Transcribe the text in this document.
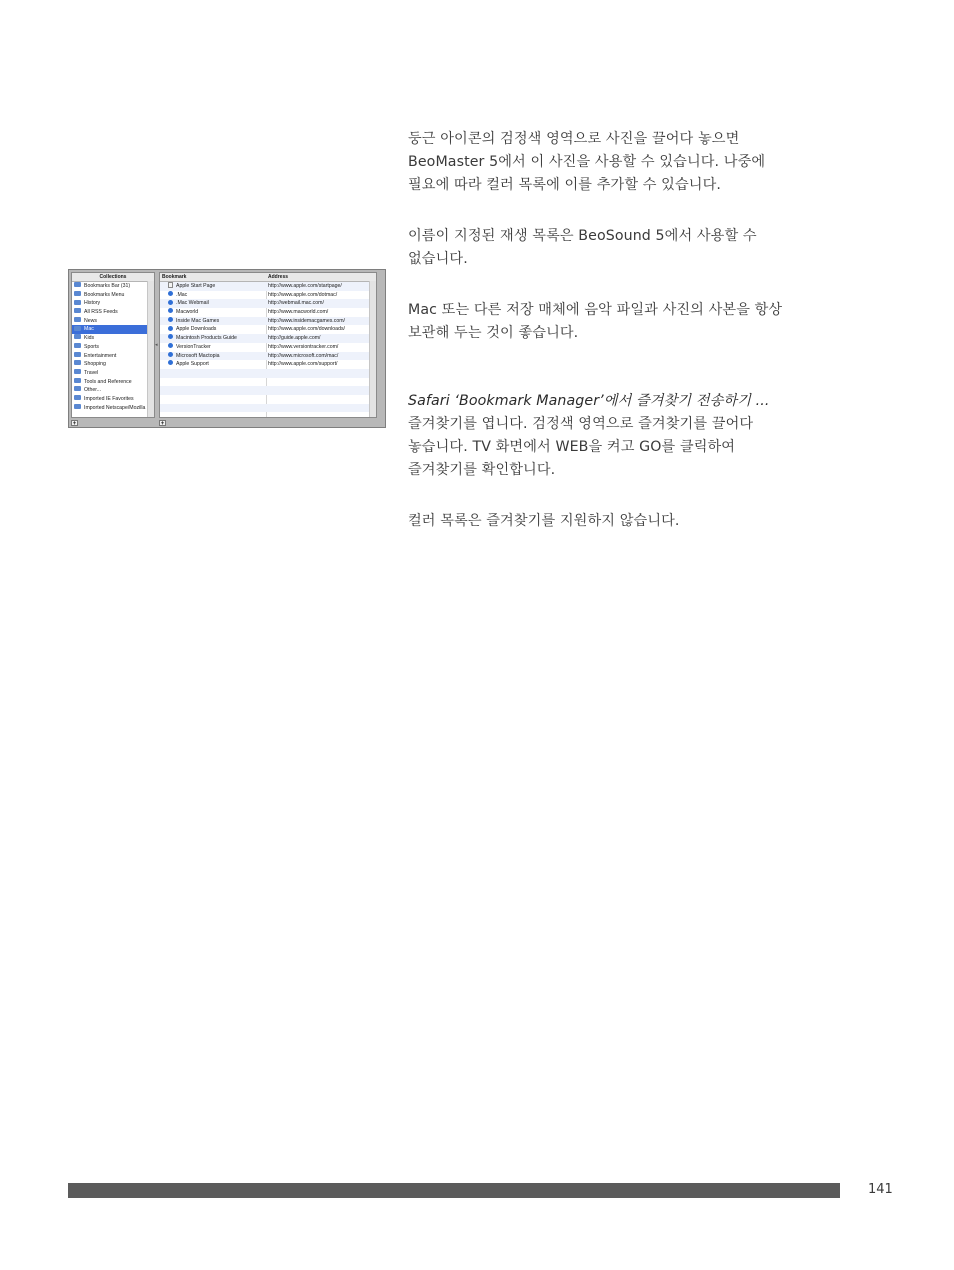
Collections
Bookmarks Bar (31)
Bookmarks Menu
History
All RSS Feeds
News
Mac
Kids
Sports
Entertainment
Shopping
Travel
Tools and Reference
Other...
Imported IE Favorites
Imported Netscape/Mozilla
◂
Bookmark	Address
Apple Start Page	http://www.apple.com/startpage/
.Mac	http://www.apple.com/dotmac/
.Mac Webmail	http://webmail.mac.com/
Macworld	http://www.macworld.com/
Inside Mac Games	http://www.insidemacgames.com/
Apple Downloads	http://www.apple.com/downloads/
Macintosh Products Guide	http://guide.apple.com/
VersionTracker	http://www.versiontracker.com/
Microsoft Mactopia	http://www.microsoft.com/mac/
Apple Support	http://www.apple.com/support/
+	+

둥근 아이콘의 검정색 영역으로 사진을 끌어다 놓으면
BeoMaster 5에서 이 사진을 사용할 수 있습니다. 나중에
필요에 따라 컬러 목록에 이를 추가할 수 있습니다.

이름이 지정된 재생 목록은 BeoSound 5에서 사용할 수
없습니다.

Mac 또는 다른 저장 매체에 음악 파일과 사진의 사본을 항상
보관해 두는 것이 좋습니다.

Safari ‘Bookmark Manager’에서 즐겨찾기 전송하기 ...
즐겨찾기를 엽니다. 검정색 영역으로 즐겨찾기를 끌어다
놓습니다. TV 화면에서 WEB을 켜고 GO를 클릭하여
즐겨찾기를 확인합니다.

컬러 목록은 즐겨찾기를 지원하지 않습니다.

141
